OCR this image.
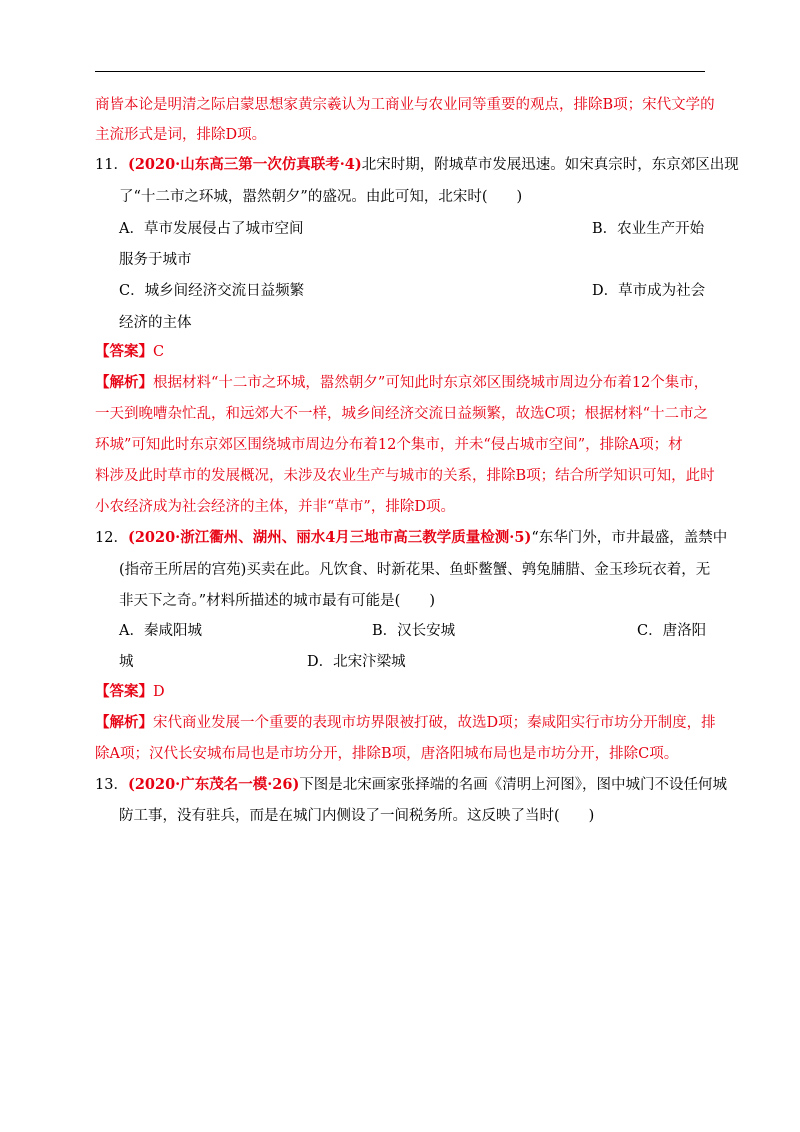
商皆本论是明清之际启蒙思想家黄宗羲认为工商业与农业同等重要的观点，排除B项；宋代文学的
主流形式是词，排除D项。
11．(2020·山东高三第一次仿真联考·4)北宋时期，附城草市发展迅速。如宋真宗时，东京郊区出现
了“十二市之环城，嚣然朝夕”的盛况。由此可知，北宋时(　　)
A．草市发展侵占了城市空间	B．农业生产开始
服务于城市
C．城乡间经济交流日益频繁	D．草市成为社会
经济的主体
【答案】C
【解析】根据材料“十二市之环城，嚣然朝夕”可知此时东京郊区围绕城市周边分布着12个集市，
一天到晚嘈杂忙乱，和远郊大不一样，城乡间经济交流日益频繁，故选C项；根据材料“十二市之
环城”可知此时东京郊区围绕城市周边分布着12个集市，并未“侵占城市空间”，排除A项；材
料涉及此时草市的发展概况，未涉及农业生产与城市的关系，排除B项；结合所学知识可知，此时
小农经济成为社会经济的主体，并非“草市”，排除D项。
12．(2020·浙江衢州、湖州、丽水4月三地市高三教学质量检测·5)“东华门外，市井最盛，盖禁中
(指帝王所居的宫苑)买卖在此。凡饮食、时新花果、鱼虾鳖蟹、鹑兔脯腊、金玉珍玩衣着，无
非天下之奇。”材料所描述的城市最有可能是(　　)
A．秦咸阳城	B．汉长安城	C．唐洛阳
城	D．北宋汴梁城
【答案】D
【解析】宋代商业发展一个重要的表现市坊界限被打破，故选D项；秦咸阳实行市坊分开制度，排
除A项；汉代长安城布局也是市坊分开，排除B项，唐洛阳城布局也是市坊分开，排除C项。
13．(2020·广东茂名一模·26)下图是北宋画家张择端的名画《清明上河图》，图中城门不设任何城
防工事，没有驻兵，而是在城门内侧设了一间税务所。这反映了当时(　　)
